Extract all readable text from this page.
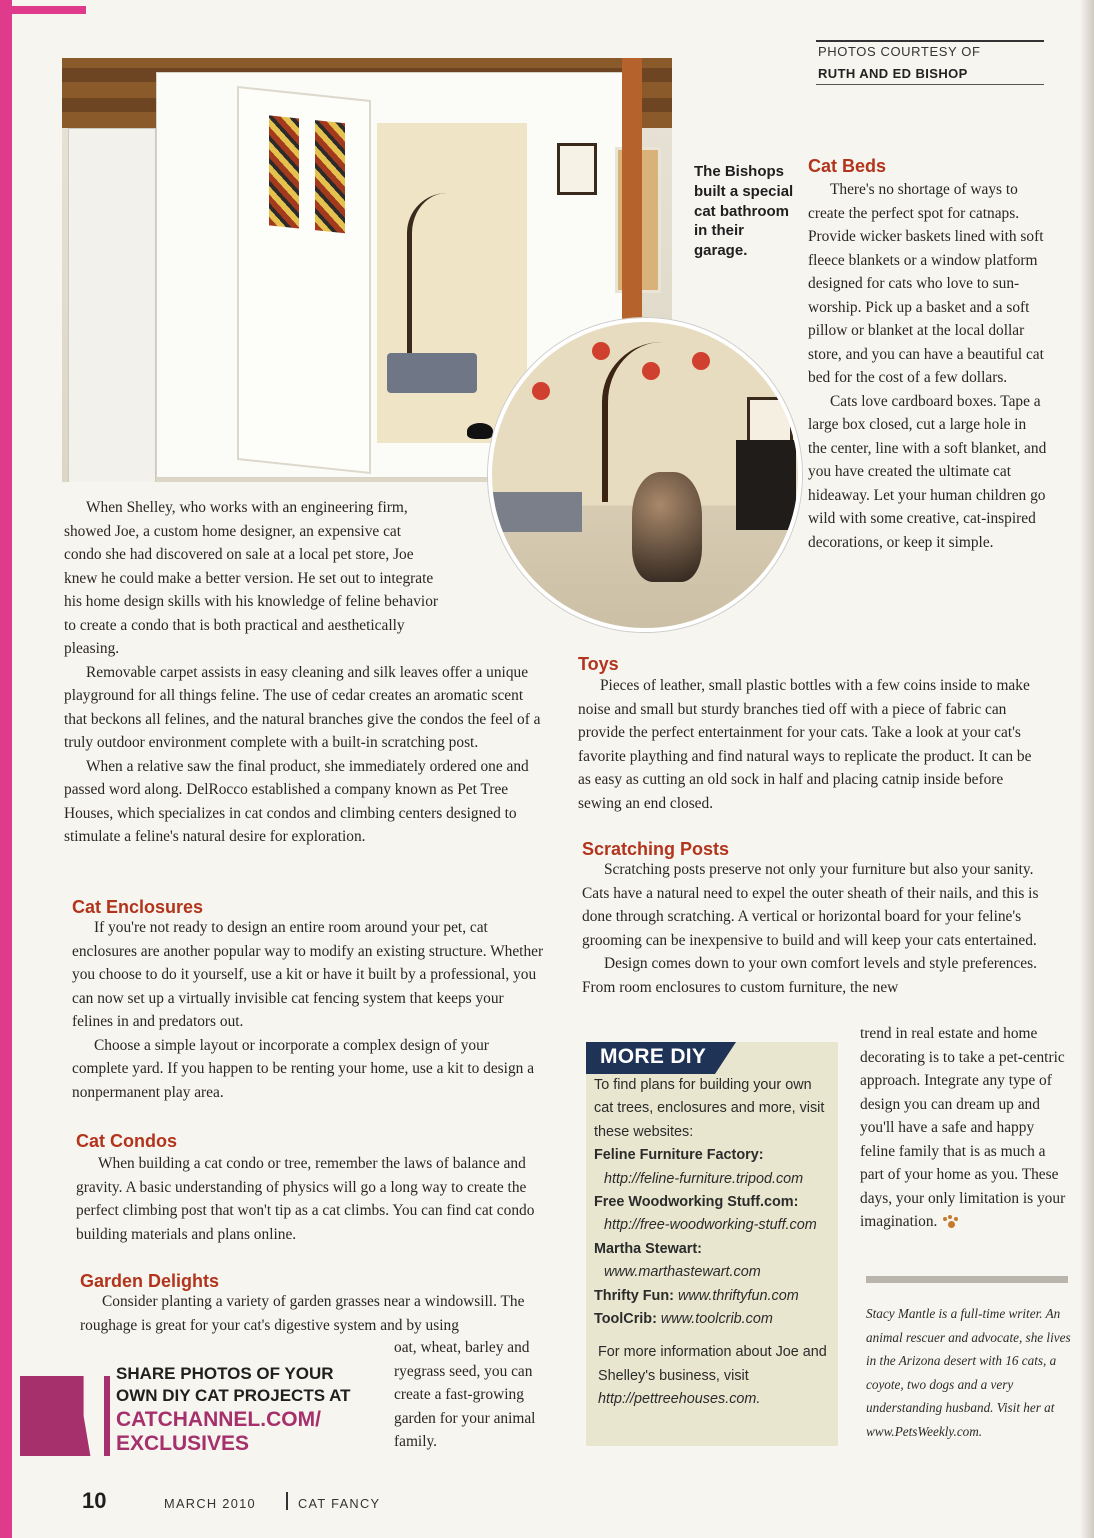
PHOTOS COURTESY OF
RUTH AND ED BISHOP
The Bishops built a special cat bathroom in their garage.

When Shelley, who works with an engineering firm, showed Joe, a custom home designer, an expensive cat condo she had discovered on sale at a local pet store, Joe knew he could make a better version. He set out to integrate his home design skills with his knowledge of feline behavior to create a condo that is both practical and aesthetically pleasing.

Removable carpet assists in easy cleaning and silk leaves offer a unique playground for all things feline. The use of cedar creates an aromatic scent that beckons all felines, and the natural branches give the condos the feel of a truly outdoor environment complete with a built-in scratching post.

When a relative saw the final product, she immediately ordered one and passed word along. DelRocco established a company known as Pet Tree Houses, which specializes in cat condos and climbing centers designed to stimulate a feline's natural desire for exploration.

Cat Enclosures

If you're not ready to design an entire room around your pet, cat enclosures are another popular way to modify an existing structure. Whether you choose to do it yourself, use a kit or have it built by a professional, you can now set up a virtually invisible cat fencing system that keeps your felines in and predators out.

Choose a simple layout or incorporate a complex design of your complete yard. If you happen to be renting your home, use a kit to design a nonpermanent play area.

Cat Condos

When building a cat condo or tree, remember the laws of balance and gravity. A basic understanding of physics will go a long way to create the perfect climbing post that won't tip as a cat climbs. You can find cat condo building materials and plans online.

Garden Delights

Consider planting a variety of garden grasses near a windowsill. The roughage is great for your cat's digestive system and by using

oat, wheat, barley and ryegrass seed, you can create a fast-growing garden for your animal family.

SHARE PHOTOS OF YOUR
OWN DIY CAT PROJECTS AT
CATCHANNEL.COM/
EXCLUSIVES
Cat Beds

There's no shortage of ways to create the perfect spot for catnaps. Provide wicker baskets lined with soft fleece blankets or a window platform designed for cats who love to sun-worship. Pick up a basket and a soft pillow or blanket at the local dollar store, and you can have a beautiful cat bed for the cost of a few dollars.

Cats love cardboard boxes. Tape a large box closed, cut a large hole in the center, line with a soft blanket, and you have created the ultimate cat hideaway. Let your human children go wild with some creative, cat-inspired decorations, or keep it simple.

Toys

Pieces of leather, small plastic bottles with a few coins inside to make noise and small but sturdy branches tied off with a piece of fabric can provide the perfect entertainment for your cats. Take a look at your cat's favorite plaything and find natural ways to replicate the product. It can be as easy as cutting an old sock in half and placing catnip inside before sewing an end closed.

Scratching Posts

Scratching posts preserve not only your furniture but also your sanity. Cats have a natural need to expel the outer sheath of their nails, and this is done through scratching. A vertical or horizontal board for your feline's grooming can be inexpensive to build and will keep your cats entertained.

Design comes down to your own comfort levels and style preferences. From room enclosures to custom furniture, the new

trend in real estate and home decorating is to take a pet-centric approach. Integrate any type of design you can dream up and you'll have a safe and happy feline family that is as much a part of your home as you. These days, your only limitation is your imagination.

MORE DIY
To find plans for building your own cat trees, enclosures and more, visit these websites:
Feline Furniture Factory:
http://feline-furniture.tripod.com
Free Woodworking Stuff.com:
http://free-woodworking-stuff.com
Martha Stewart:
www.marthastewart.com
Thrifty Fun: www.thriftyfun.com
ToolCrib: www.toolcrib.com
For more information about Joe and Shelley's business, visit http://pettreehouses.com.
Stacy Mantle is a full-time writer. An animal rescuer and advocate, she lives in the Arizona desert with 16 cats, a coyote, two dogs and a very understanding husband. Visit her at www.PetsWeekly.com.
10	MARCH 2010	CAT FANCY
